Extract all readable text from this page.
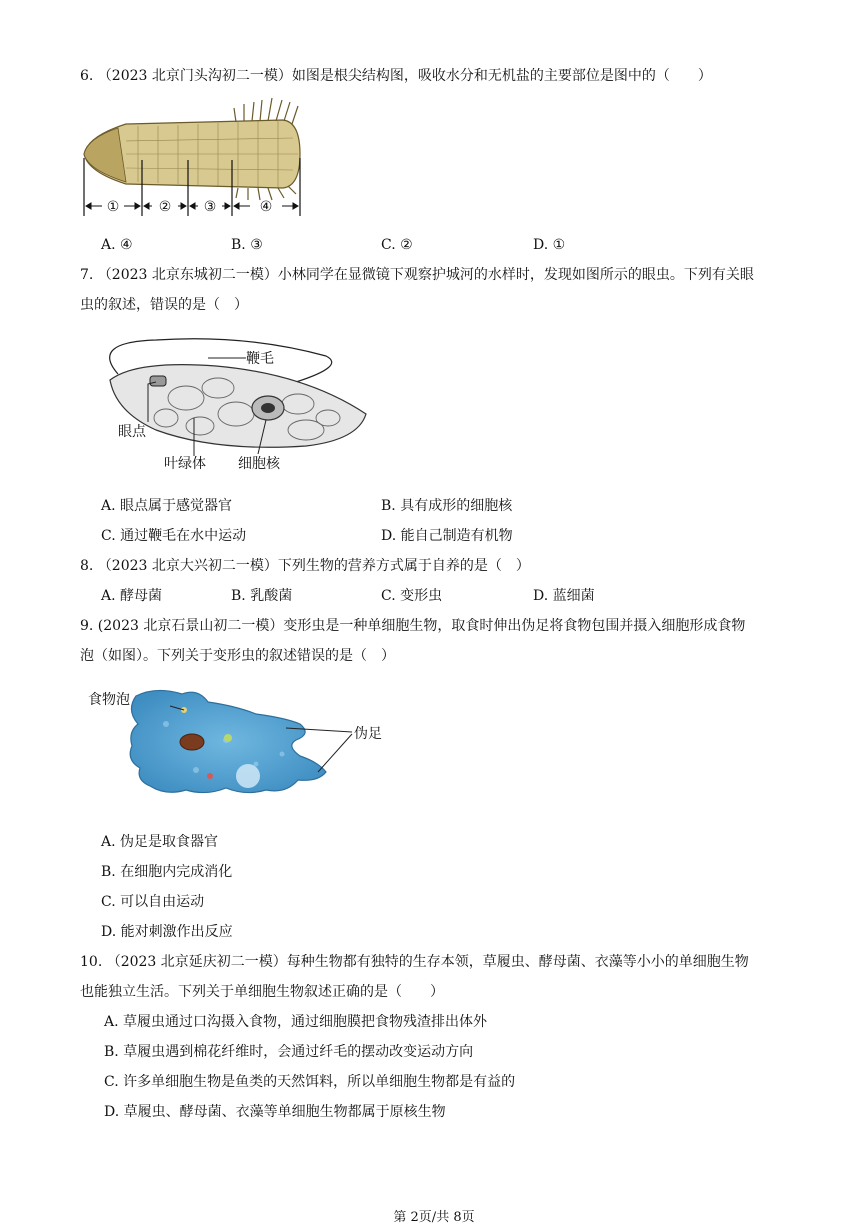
6. （2023 北京门头沟初二一模）如图是根尖结构图，吸收水分和无机盐的主要部位是图中的（　　）
①	② ③	④
A. ④	B. ③	C. ②	D. ①
7. （2023 北京东城初二一模）小林同学在显微镜下观察护城河的水样时，发现如图所示的眼虫。下列有关眼
虫的叙述，错误的是（　）
鞭毛
眼点
叶绿体 细胞核
A. 眼点属于感觉器官	B. 具有成形的细胞核
C. 通过鞭毛在水中运动	D. 能自己制造有机物
8. （2023 北京大兴初二一模）下列生物的营养方式属于自养的是（　）
A. 酵母菌	B. 乳酸菌	C. 变形虫	D. 蓝细菌
9. (2023 北京石景山初二一模）变形虫是一种单细胞生物，取食时伸出伪足将食物包围并摄入细胞形成食物
泡（如图）。下列关于变形虫的叙述错误的是（　）
食物泡
伪足
A. 伪足是取食器官
B. 在细胞内完成消化
C. 可以自由运动
D. 能对刺激作出反应
10. （2023 北京延庆初二一模）每种生物都有独特的生存本领，草履虫、酵母菌、衣藻等小小的单细胞生物
也能独立生活。下列关于单细胞生物叙述正确的是（　　）
A. 草履虫通过口沟摄入食物，通过细胞膜把食物残渣排出体外
B. 草履虫遇到棉花纤维时，会通过纤毛的摆动改变运动方向
C. 许多单细胞生物是鱼类的天然饵料，所以单细胞生物都是有益的
D. 草履虫、酵母菌、衣藻等单细胞生物都属于原核生物
第 2页/共 8页
